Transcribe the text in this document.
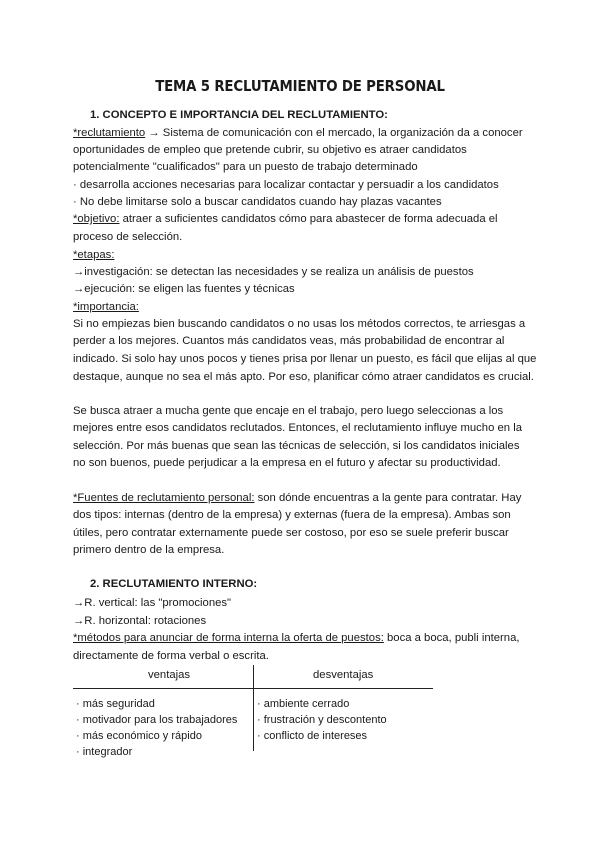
TEMA 5 RECLUTAMIENTO DE PERSONAL
1. CONCEPTO E IMPORTANCIA DEL RECLUTAMIENTO:
*reclutamiento → Sistema de comunicación con el mercado, la organización da a conocer
oportunidades de empleo que pretende cubrir, su objetivo es atraer candidatos
potencialmente "cualificados" para un puesto de trabajo determinado
· desarrolla acciones necesarias para localizar contactar y persuadir a los candidatos
· No debe limitarse solo a buscar candidatos cuando hay plazas vacantes
*objetivo: atraer a suficientes candidatos cómo para abastecer de forma adecuada el
proceso de selección.
*etapas:
→investigación: se detectan las necesidades y se realiza un análisis de puestos
→ejecución: se eligen las fuentes y técnicas
*importancia:
Si no empiezas bien buscando candidatos o no usas los métodos correctos, te arriesgas a
perder a los mejores. Cuantos más candidatos veas, más probabilidad de encontrar al
indicado. Si solo hay unos pocos y tienes prisa por llenar un puesto, es fácil que elijas al que
destaque, aunque no sea el más apto. Por eso, planificar cómo atraer candidatos es crucial.
Se busca atraer a mucha gente que encaje en el trabajo, pero luego seleccionas a los
mejores entre esos candidatos reclutados. Entonces, el reclutamiento influye mucho en la
selección. Por más buenas que sean las técnicas de selección, si los candidatos iniciales
no son buenos, puede perjudicar a la empresa en el futuro y afectar su productividad.
*Fuentes de reclutamiento personal: son dónde encuentras a la gente para contratar. Hay
dos tipos: internas (dentro de la empresa) y externas (fuera de la empresa). Ambas son
útiles, pero contratar externamente puede ser costoso, por eso se suele preferir buscar
primero dentro de la empresa.
2. RECLUTAMIENTO INTERNO:
→R. vertical: las "promociones"
→R. horizontal: rotaciones
*métodos para anunciar de forma interna la oferta de puestos: boca a boca, publi interna,
directamente de forma verbal o escrita.
ventajas	desventajas
· más seguridad
· motivador para los trabajadores
· más económico y rápido
· integrador
· ambiente cerrado
· frustración y descontento
· conflicto de intereses
